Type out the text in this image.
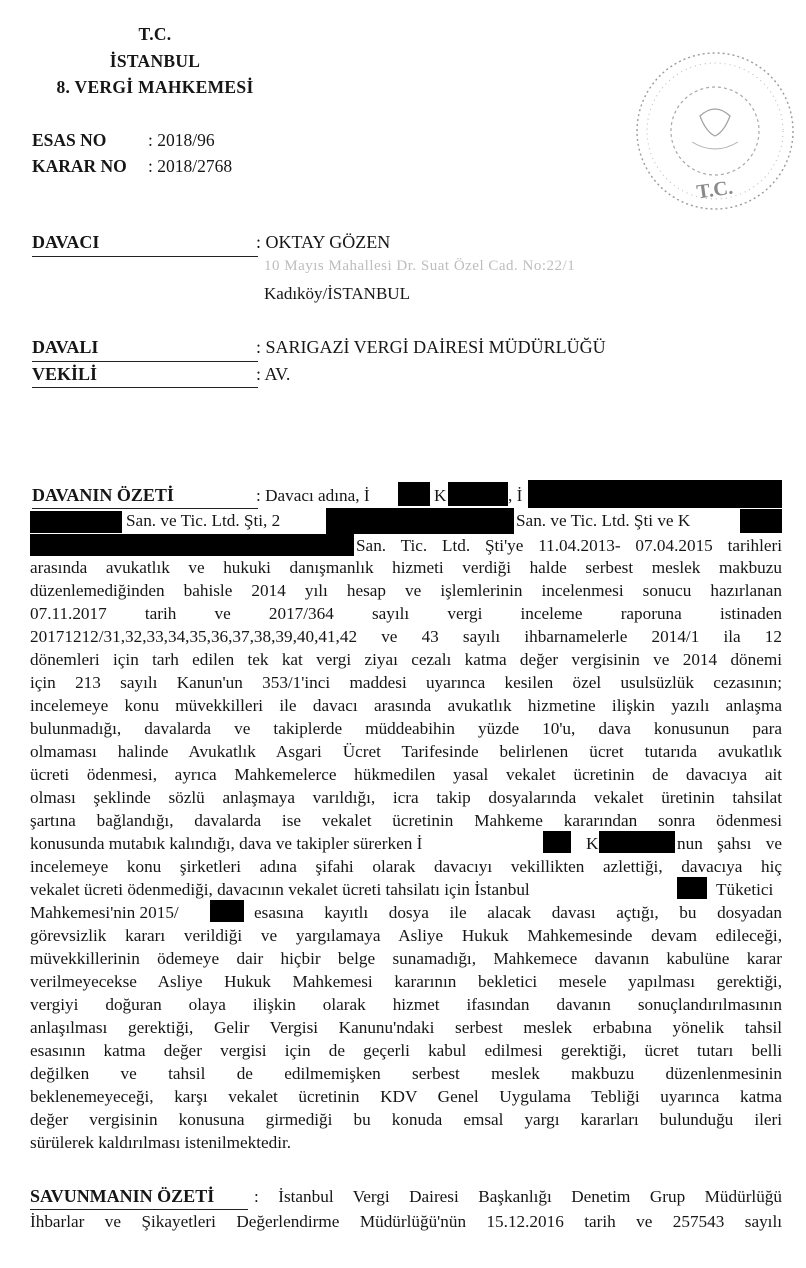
T.C.
İSTANBUL
8. VERGİ MAHKEMESİ
ESAS NO : 2018/96
KARAR NO : 2018/2768
T.C.
DAVACI	: OKTAY GÖZEN
10 Mayıs Mahallesi Dr. Suat Özel Cad. No:22/1
Kadıköy/İSTANBUL
DAVALI	: SARIGAZİ VERGİ DAİRESİ MÜDÜRLÜĞÜ
VEKİLİ	: AV.
DAVANIN ÖZETİ	: Davacı adına, İ	K	, İ
San. ve Tic. Ltd. Şti, 2	San. ve Tic. Ltd. Şti ve K
San. Tic. Ltd. Şti'ye 11.04.2013- 07.04.2015 tarihleri
arasında avukatlık ve hukuki danışmanlık hizmeti verdiği halde serbest meslek makbuzu
düzenlemediğinden bahisle 2014 yılı hesap ve işlemlerinin incelenmesi sonucu hazırlanan
07.11.2017 tarih ve 2017/364 sayılı vergi inceleme raporuna istinaden
20171212/31,32,33,34,35,36,37,38,39,40,41,42 ve 43 sayılı ihbarnamelerle 2014/1 ila 12
dönemleri için tarh edilen tek kat vergi ziyaı cezalı katma değer vergisinin ve 2014 dönemi
için 213 sayılı Kanun'un 353/1'inci maddesi uyarınca kesilen özel usulsüzlük cezasının;
incelemeye konu müvekkilleri ile davacı arasında avukatlık hizmetine ilişkin yazılı anlaşma
bulunmadığı, davalarda ve takiplerde müddeabihin yüzde 10'u, dava konusunun para
olmaması halinde Avukatlık Asgari Ücret Tarifesinde belirlenen ücret tutarıda avukatlık
ücreti ödenmesi, ayrıca Mahkemelerce hükmedilen yasal vekalet ücretinin de davacıya ait
olması şeklinde sözlü anlaşmaya varıldığı, icra takip dosyalarında vekalet üretinin tahsilat
şartına bağlandığı, davalarda ise vekalet ücretinin Mahkeme kararından sonra ödenmesi
konusunda mutabık kalındığı, dava ve takipler sürerken İ	K	nun şahsı ve
incelemeye konu şirketleri adına şifahi olarak davacıyı vekillikten azlettiği, davacıya hiç
vekalet ücreti ödenmediği, davacının vekalet ücreti tahsilatı için İstanbul	Tüketici
Mahkemesi'nin 2015/	esasına kayıtlı dosya ile alacak davası açtığı, bu dosyadan
görevsizlik kararı verildiği ve yargılamaya Asliye Hukuk Mahkemesinde devam edileceği,
müvekkillerinin ödemeye dair hiçbir belge sunamadığı, Mahkemece davanın kabulüne karar
verilmeyecekse Asliye Hukuk Mahkemesi kararının bekletici mesele yapılması gerektiği,
vergiyi doğuran olaya ilişkin olarak hizmet ifasından davanın sonuçlandırılmasının
anlaşılması gerektiği, Gelir Vergisi Kanunu'ndaki serbest meslek erbabına yönelik tahsil
esasının katma değer vergisi için de geçerli kabul edilmesi gerektiği, ücret tutarı belli
değilken ve tahsil de edilmemişken serbest meslek makbuzu düzenlenmesinin
beklenemeyeceği, karşı vekalet ücretinin KDV Genel Uygulama Tebliği uyarınca katma
değer vergisinin konusuna girmediği bu konuda emsal yargı kararları bulunduğu ileri
sürülerek kaldırılması istenilmektedir.
SAVUNMANIN ÖZETİ : İstanbul Vergi Dairesi Başkanlığı Denetim Grup Müdürlüğü
İhbarlar ve Şikayetleri Değerlendirme Müdürlüğü'nün 15.12.2016 tarih ve 257543 sayılı
